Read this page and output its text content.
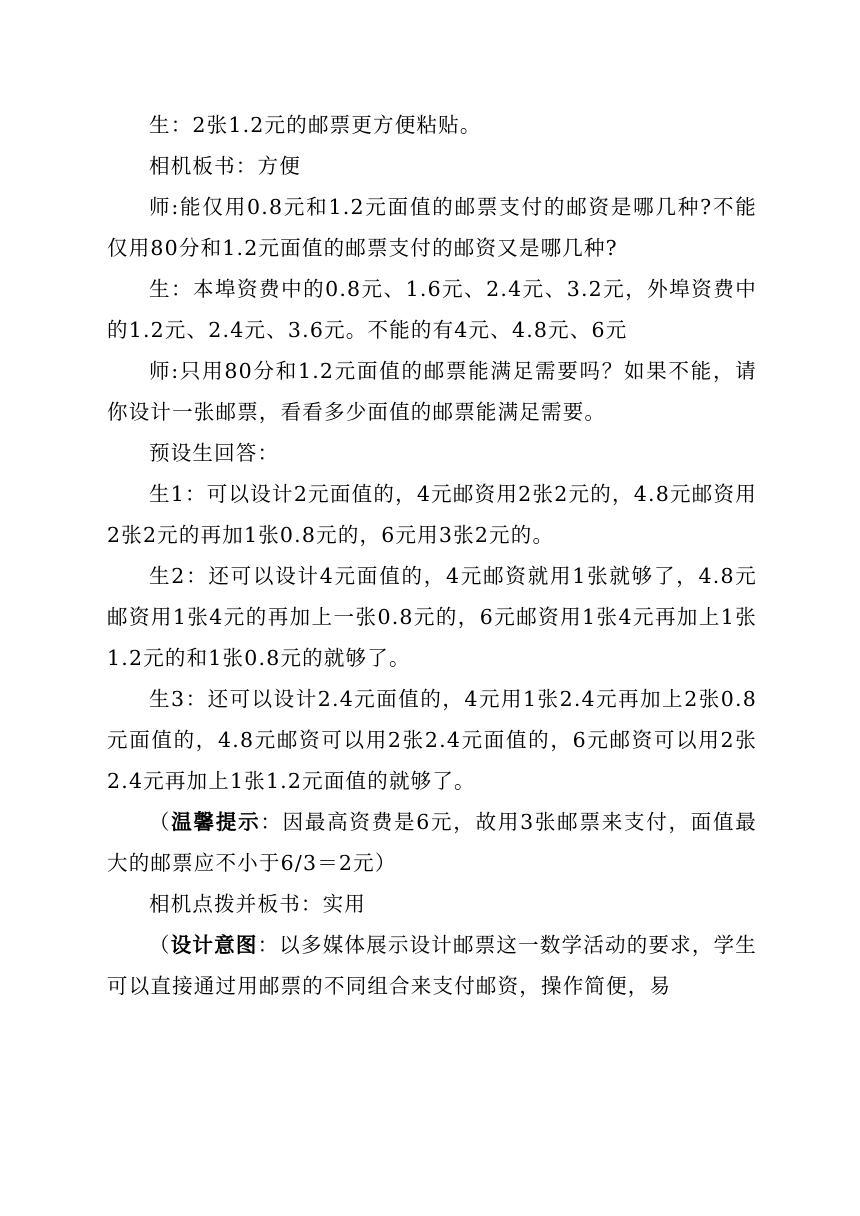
生：2张1.2元的邮票更方便粘贴。

相机板书：方便

师:能仅用0.8元和1.2元面值的邮票支付的邮资是哪几种?不能仅用80分和1.2元面值的邮票支付的邮资又是哪几种?

生：本埠资费中的0.8元、1.6元、2.4元、3.2元，外埠资费中的1.2元、2.4元、3.6元。不能的有4元、4.8元、6元

师:只用80分和1.2元面值的邮票能满足需要吗？如果不能，请你设计一张邮票，看看多少面值的邮票能满足需要。

预设生回答：

生1：可以设计2元面值的，4元邮资用2张2元的，4.8元邮资用2张2元的再加1张0.8元的，6元用3张2元的。

生2：还可以设计4元面值的，4元邮资就用1张就够了，4.8元邮资用1张4元的再加上一张0.8元的，6元邮资用1张4元再加上1张1.2元的和1张0.8元的就够了。

生3：还可以设计2.4元面值的，4元用1张2.4元再加上2张0.8元面值的，4.8元邮资可以用2张2.4元面值的，6元邮资可以用2张2.4元再加上1张1.2元面值的就够了。

（温馨提示：因最高资费是6元，故用3张邮票来支付，面值最大的邮票应不小于6/3＝2元）

相机点拨并板书：实用

（设计意图：以多媒体展示设计邮票这一数学活动的要求，学生可以直接通过用邮票的不同组合来支付邮资，操作简便，易
